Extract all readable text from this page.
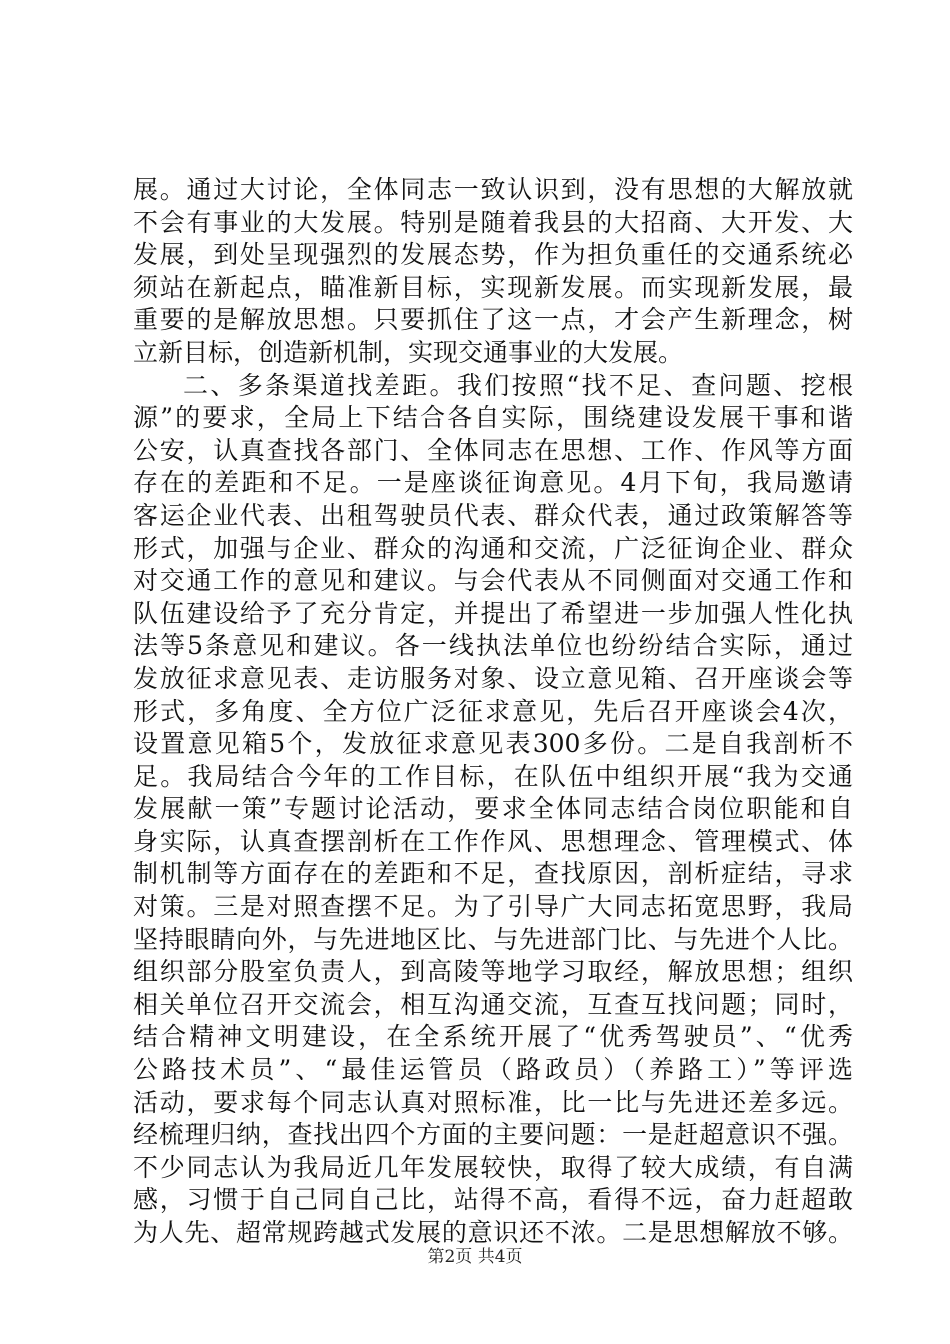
展。通过大讨论，全体同志一致认识到，没有思想的大解放就
不会有事业的大发展。特别是随着我县的大招商、大开发、大
发展，到处呈现强烈的发展态势，作为担负重任的交通系统必
须站在新起点，瞄准新目标，实现新发展。而实现新发展，最
重要的是解放思想。只要抓住了这一点，才会产生新理念，树
立新目标，创造新机制，实现交通事业的大发展。
二、多条渠道找差距。我们按照“找不足、查问题、挖根
源”的要求，全局上下结合各自实际，围绕建设发展干事和谐
公安，认真查找各部门、全体同志在思想、工作、作风等方面
存在的差距和不足。一是座谈征询意见。4月下旬，我局邀请
客运企业代表、出租驾驶员代表、群众代表，通过政策解答等
形式，加强与企业、群众的沟通和交流，广泛征询企业、群众
对交通工作的意见和建议。与会代表从不同侧面对交通工作和
队伍建设给予了充分肯定，并提出了希望进一步加强人性化执
法等5条意见和建议。各一线执法单位也纷纷结合实际，通过
发放征求意见表、走访服务对象、设立意见箱、召开座谈会等
形式，多角度、全方位广泛征求意见，先后召开座谈会4次，
设置意见箱5个，发放征求意见表300多份。二是自我剖析不
足。我局结合今年的工作目标，在队伍中组织开展“我为交通
发展献一策”专题讨论活动，要求全体同志结合岗位职能和自
身实际，认真查摆剖析在工作作风、思想理念、管理模式、体
制机制等方面存在的差距和不足，查找原因，剖析症结，寻求
对策。三是对照查摆不足。为了引导广大同志拓宽思野，我局
坚持眼睛向外，与先进地区比、与先进部门比、与先进个人比。
组织部分股室负责人，到高陵等地学习取经，解放思想；组织
相关单位召开交流会，相互沟通交流，互查互找问题；同时，
结合精神文明建设，在全系统开展了“优秀驾驶员”、“优秀
公路技术员”、“最佳运管员（路政员）（养路工）”等评选
活动，要求每个同志认真对照标准，比一比与先进还差多远。
经梳理归纳，查找出四个方面的主要问题：一是赶超意识不强。
不少同志认为我局近几年发展较快，取得了较大成绩，有自满
感，习惯于自己同自己比，站得不高，看得不远，奋力赶超敢
为人先、超常规跨越式发展的意识还不浓。二是思想解放不够。
第2页 共4页
